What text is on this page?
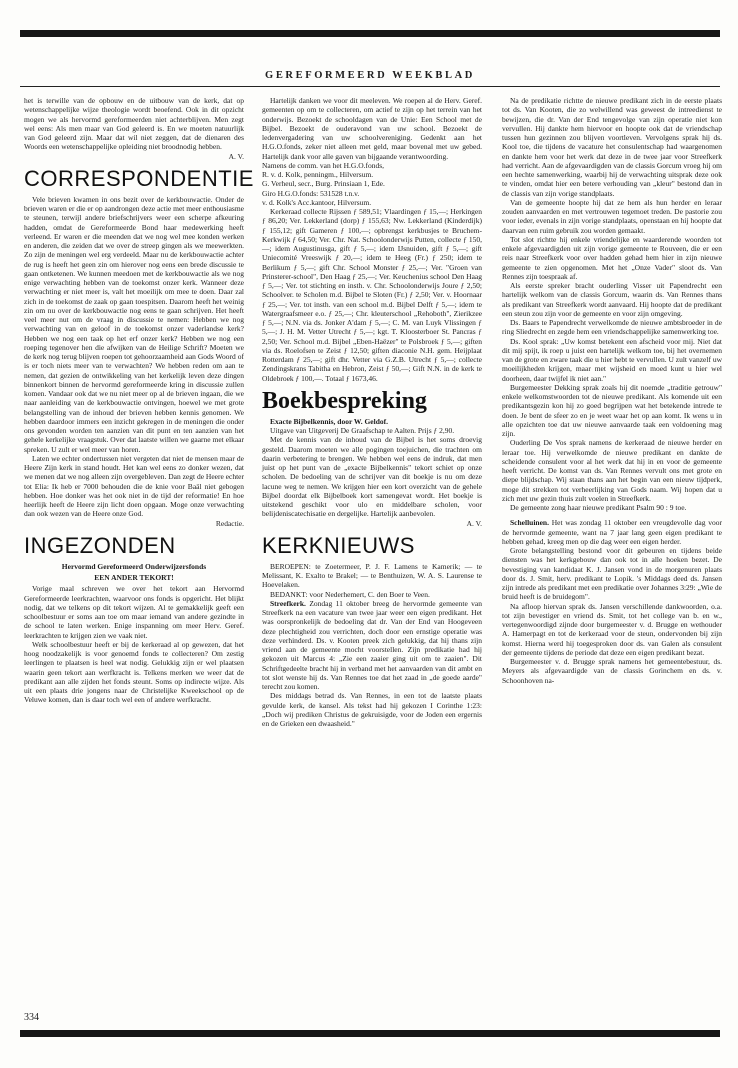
GEREFORMEERD WEEKBLAD

het is terwille van de opbouw en de uitbouw van de kerk, dat op wetenschappelijke wijze theologie wordt beoefend. Ook in dit opzicht mogen we als hervormd gereformeerden niet achterblijven. Men zegt wel eens: Als men maar van God geleerd is. En we moeten natuurlijk van God geleerd zijn. Maar dat wil niet zeggen, dat de dienaren des Woords een wetenschappelijke opleiding niet broodnodig hebben.

A. V.

CORRESPONDENTIE

Vele brieven kwamen in ons bezit over de kerkbouwactie. Onder de brieven waren er die er op aandrongen deze actie met meer enthousiasme te steunen, terwijl andere briefschrijvers weer een scherpe afkeuring hadden, omdat de Gereformeerde Bond haar medewerking heeft verleend. Er waren er die meenden dat we nog wel mee konden werken en anderen, die zeiden dat we over de streep gingen als we meewerkten. Zo zijn de meningen wel erg verdeeld. Maar nu de kerkbouwactie achter de rug is heeft het geen zin om hierover nog eens een brede discussie te gaan ontketenen. We kunnen meedoen met de kerkbouwactie als we nog enige verwachting hebben van de toekomst onzer kerk. Wanneer deze verwachting er niet meer is, valt het moeilijk om mee te doen. Daar zal zich in de toekomst de zaak op gaan toespitsen. Daarom heeft het weinig zin om nu over de kerkbouwactie nog eens te gaan schrijven. Het heeft veel meer nut om de vraag in discussie te nemen: Hebben we nog verwachting van en geloof in de toekomst onzer vaderlandse kerk? Hebben we nog een taak op het erf onzer kerk? Hebben we nog een roeping tegenover hen die afwijken van de Heilige Schrift? Moeten we de kerk nog terug blijven roepen tot gehoorzaamheid aan Gods Woord of is er toch niets meer van te verwachten? We hebben reden om aan te nemen, dat gezien de ontwikkeling van het kerkelijk leven deze dingen binnenkort binnen de hervormd gereformeerde kring in discussie zullen komen. Vandaar ook dat we nu niet meer op al de brieven ingaan, die we naar aanleiding van de kerkbouwactie ontvingen, hoewel we met grote belangstelling van de inhoud der brieven hebben kennis genomen. We hebben daardoor immers een inzicht gekregen in de meningen die onder ons gevonden worden ten aanzien van dit punt en ten aanzien van het gehele kerkelijke vraagstuk. Over dat laatste willen we gaarne met elkaar spreken. U zult er wel meer van horen.

Laten we echter ondertussen niet vergeten dat niet de mensen maar de Heere Zijn kerk in stand houdt. Het kan wel eens zo donker wezen, dat we menen dat we nog alleen zijn overgebleven. Dan zegt de Heere echter tot Elia: Ik heb er 7000 behouden die de knie voor Baäl niet gebogen hebben. Hoe donker was het ook niet in de tijd der reformatie! En hoe heerlijk heeft de Heere zijn licht doen opgaan. Moge onze verwachting dan ook wezen van de Heere onze God.

Redactie.

INGEZONDEN
Hervormd Gereformeerd Onderwijzersfonds
EEN ANDER TEKORT!

Vorige maal schreven we over het tekort aan Hervormd Gereformeerde leerkrachten, waarvoor ons fonds is opgericht. Het blijkt nodig, dat we telkens op dit tekort wijzen. Al te gemakkelijk geeft een schoolbestuur er soms aan toe om maar iemand van andere gezindte in de school te laten werken. Enige inspanning om meer Herv. Geref. leerkrachten te krijgen zien we vaak niet.

Welk schoolbestuur heeft er bij de kerkeraad al op gewezen, dat het hoog noodzakelijk is voor genoemd fonds te collecteren? Om zestig leerlingen te plaatsen is heel wat nodig. Gelukkig zijn er wel plaatsen waarin geen tekort aan werfkracht is. Telkens merken we weer dat de predikant aan alle zijden het fonds steunt. Soms op indirecte wijze. Als uit een plaats drie jongens naar de Christelijke Kweekschool op de Veluwe komen, dan is daar toch wel een of andere werfkracht.

Hartelijk danken we voor dit meeleven. We roepen al de Herv. Geref. gemeenten op om te collecteren, om actief te zijn op het terrein van het onderwijs. Bezoekt de schooldagen van de Unie: Een School met de Bijbel. Bezoekt de ouderavond van uw school. Bezoekt de ledenvergadering van uw schoolvereniging. Gedenkt aan het H.G.O.fonds, zeker niet alleen met geld, maar bovenal met uw gebed. Hartelijk dank voor alle gaven van bijgaande verantwoording.

Namens de comm. van het H.G.O.fonds,

R. v. d. Kolk, penningm., Hilversum.

G. Verheul, secr., Burg. Prinsiaan 1, Ede.

Giro H.G.O.fonds: 531528 t.n.v.

v. d. Kolk's Acc.kantoor, Hilversum.

Kerkeraad collecte Rijssen ƒ 589,51; Vlaardingen ƒ 15,—; Herkingen ƒ 86,20; Ver. Lekkerland (dorp) ƒ 155,63; Nw. Lekkerland (Kinderdijk) ƒ 155,12; gift Gameren ƒ 100,—; opbrengst kerkbusjes te Bruchem-Kerkwijk ƒ 64,50; Ver. Chr. Nat. Schoolonderwijs Putten, collecte ƒ 150,—; idem Augustinusga, gift ƒ 5,—; idem IJsnuiden, gift ƒ 5,—; gift Uniecomité Vreeswijk ƒ 20,—; idem te Heeg (Fr.) ƒ 250; idem te Berlikum ƒ 5,—; gift Chr. School Monster ƒ 25,—; Ver. "Groen van Prinsterer-school", Den Haag ƒ 25,—; Ver. Keuchenius school Den Haag ƒ 5,—; Ver. tot stichting en insth. v. Chr. Schoolonderwijs Joure ƒ 2,50; Schoolver. te Scholen m.d. Bijbel te Sloten (Fr.) ƒ 2,50; Ver. v. Hoornaar ƒ 25,—; Ver. tot insth. van een school m.d. Bijbel Delft ƒ 5,—; idem te Watergraafsmeer e.o. ƒ 25,—; Chr. kleuterschool „Rehoboth", Zierikzee ƒ 5,—; N.N. via ds. Jonker A'dam ƒ 5,—; C. M. van Luyk Vlissingen ƒ 5,—; J. H. M. Vetter Utrecht ƒ 5,—; kgt. T. Kloosterboer St. Pancras ƒ 2,50; Ver. School m.d. Bijbel „Eben-Haëzer" te Polsbroek ƒ 5,—; giften via ds. Roelofsen te Zeist ƒ 12,50; giften diaconie N.H. gem. Heijplaat Rotterdam ƒ 25,—; gift dhr. Vetter via G.Z.B. Utrecht ƒ 5,—; collecte Zendingskrans Tabitha en Hebron, Zeist ƒ 50,—; Gift N.N. in de kerk te Oldebroek ƒ 100,—. Totaal ƒ 1673,46.

Boekbespreking

Exacte Bijbelkennis, door W. Geldof.

Uitgave van Uitgeverij De Graafschap te Aalten. Prijs ƒ 2,90.

Met de kennis van de inhoud van de Bijbel is het soms droevig gesteld. Daarom moeten we alle pogingen toejuichen, die trachten om daarin verbetering te brengen. We hebben wel eens de indruk, dat men juist op het punt van de „exacte Bijbelkennis" tekort schiet op onze scholen. De bedoeling van de schrijver van dit boekje is nu om deze lacune weg te nemen. We krijgen hier een kort overzicht van de gehele Bijbel doordat elk Bijbelboek kort samengevat wordt. Het boekje is uitstekend geschikt voor ulo en middelbare scholen, voor belijdeniscatechisatie en dergelijke. Hartelijk aanbevolen.

A. V.

KERKNIEUWS

BEROEPEN: te Zoetermeer, P. J. F. Lamens te Kamerik; — te Melissant, K. Exalto te Brakel; — te Benthuizen, W. A. S. Laurense te Hoevelaken.

BEDANKT: voor Nederhemert, C. den Boer te Veen.

Streefkerk. Zondag 11 oktober breeg de hervormde gemeente van Streefkerk na een vacature van twee jaar weer een eigen predikant. Het was oorspronkelijk de bedoeling dat dr. Van der End van Hoogeveen deze plechtigheid zou verrichten, doch door een ernstige operatie was deze verhinderd. Ds. v. Kooten preek zich gelukkig, dat hij thans zijn vriend aan de gemeente mocht voorstellen. Zijn predikatie had hij gekozen uit Marcus 4: „Zie een zaaier ging uit om te zaaien". Dit Schriftgedeelte bracht hij in verband met het aanvaarden van dit ambt en tot slot wenste hij ds. Van Rennes toe dat het zaad in „de goede aarde" terecht zou komen.

Des middags betrad ds. Van Rennes, in een tot de laatste plaats gevulde kerk, de kansel. Als tekst had hij gekozen I Corinthe 1:23: „Doch wij prediken Christus de gekruisigde, voor de Joden een ergernis en de Grieken een dwaasheid."

Na de predikatie richtte de nieuwe predikant zich in de eerste plaats tot ds. Van Kooten, die zo welwillend was geweest de intreedienst te bewijzen, die dr. Van der End tengevolge van zijn operatie niet kon vervullen. Hij dankte hem hiervoor en hoopte ook dat de vriendschap tussen hun gezinnen zou blijven voortleven. Vervolgens sprak hij ds. Kool toe, die tijdens de vacature het consulentschap had waargenomen en dankte hem voor het werk dat deze in de twee jaar voor Streefkerk had verricht. Aan de afgevaardigden van de classis Gorcum vroeg hij om een hechte samenwerking, waarbij hij de verwachting uitsprak deze ook te vinden, omdat hier een betere verhouding van „kleur" bestond dan in de classis van zijn vorige standplaats.

Van de gemeente hoopte hij dat ze hem als hun herder en leraar zouden aanvaarden en met vertrouwen tegemoet treden. De pastorie zou voor ieder, evenals in zijn vorige standplaats, openstaan en hij hoopte dat daarvan een ruim gebruik zou worden gemaakt.

Tot slot richtte hij enkele vriendelijke en waarderende woorden tot enkele afgevaardigden uit zijn vorige gemeente te Rouveen, die er een reis naar Streefkerk voor over hadden gehad hem hier in zijn nieuwe gemeente te zien opgenomen. Met het „Onze Vader" sloot ds. Van Rennes zijn toespraak af.

Als eerste spreker bracht ouderling Visser uit Papendrecht een hartelijk welkom van de classis Gorcum, waarin ds. Van Rennes thans als predikant van Streefkerk wordt aanvaard. Hij hoopte dat de predikant een steun zou zijn voor de gemeente en voor zijn omgeving.

Ds. Baars te Papendrecht verwelkomde de nieuwe ambtsbroeder in de ring Sliedrecht en zegde hem een vriendschappelijke samenwerking toe.

Ds. Kool sprak: „Uw komst betekent een afscheid voor mij. Niet dat dit mij spijt, ik roep u juist een hartelijk welkom toe, bij het overnemen van de grote en zware taak die u hier hebt te vervullen. U zult vanzelf uw moeilijkheden krijgen, maar met wijsheid en moed kunt u hier wel doorheen, daar twijfel ik niet aan."

Burgemeester Dekking sprak zoals hij dit noemde „traditie getrouw" enkele welkomstwoorden tot de nieuwe predikant. Als komende uit een predikantsgezin kon hij zo goed begrijpen wat het betekende intrede te doen. Je bent de sfeer zo en je weet waar het op aan komt. Ik wens u in alle opzichten toe dat uw nieuwe aanvaarde taak een voldoening mag zijn.

Ouderling De Vos sprak namens de kerkeraad de nieuwe herder en leraar toe. Hij verwelkomde de nieuwe predikant en dankte de scheidende consulent voor al het werk dat hij in en voor de gemeente heeft verricht. De komst van ds. Van Rennes vervult ons met grote en diepe blijdschap. Wij staan thans aan het begin van een nieuw tijdperk, moge dit strekken tot verheerlijking van Gods naam. Wij hopen dat u zich met uw gezin thuis zult voelen in Streefkerk.

De gemeente zong haar nieuwe predikant Psalm 90 : 9 toe.

Schelluinen. Het was zondag 11 oktober een vreugdevolle dag voor de hervormde gemeente, want na 7 jaar lang geen eigen predikant te hebben gehad, kreeg men op die dag weer een eigen herder.

Grote belangstelling bestond voor dit gebeuren en tijdens beide diensten was het kerkgebouw dan ook tot in alle hoeken bezet. De bevestiging van kandidaat K. J. Jansen vond in de morgenuren plaats door ds. J. Smit, herv. predikant te Lopik. 's Middags deed ds. Jansen zijn intrede als predikant met een predikatie over Johannes 3:29: „Wie de bruid heeft is de bruidegom".

Na afloop hiervan sprak ds. Jansen verschillende dankwoorden, o.a. tot zijn bevestiger en vriend ds. Smit, tot het college van b. en w., vertegenwoordigd zijnde door burgemeester v. d. Brugge en wethouder A. Hamerpagt en tot de kerkeraad voor de steun, ondervonden bij zijn komst. Hierna werd hij toegesproken door ds. van Galen als consulent der gemeente tijdens de periode dat deze een eigen predikant bezat.

Burgemeester v. d. Brugge sprak namens het gemeentebestuur, ds. Meyers als afgevaardigde van de classis Gorinchem en ds. v. Schoonhoven na-

334
